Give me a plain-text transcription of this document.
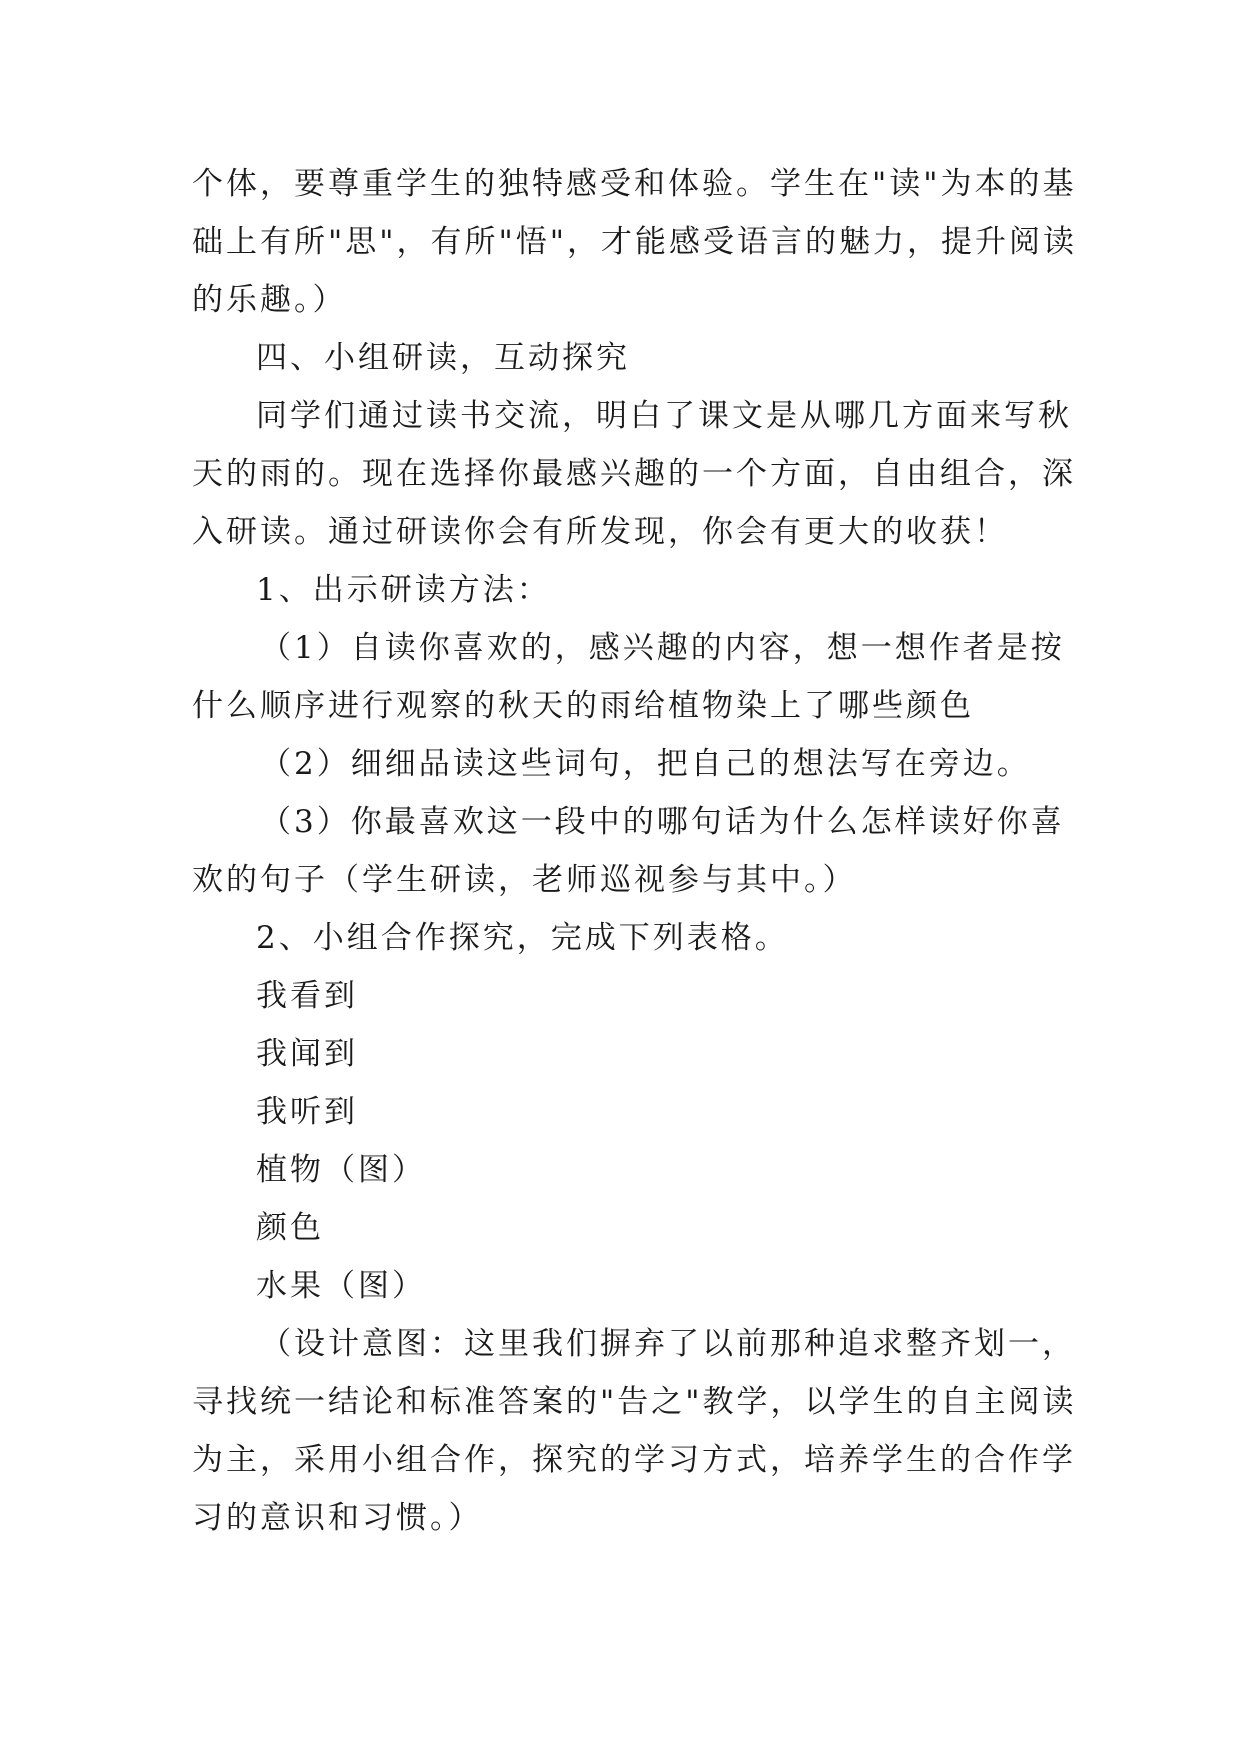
个体，要尊重学生的独特感受和体验。学生在"读"为本的基
础上有所"思"，有所"悟"，才能感受语言的魅力，提升阅读
的乐趣。）
四、小组研读，互动探究
同学们通过读书交流，明白了课文是从哪几方面来写秋
天的雨的。现在选择你最感兴趣的一个方面，自由组合，深
入研读。通过研读你会有所发现，你会有更大的收获！
1、出示研读方法：
（1）自读你喜欢的，感兴趣的内容，想一想作者是按
什么顺序进行观察的秋天的雨给植物染上了哪些颜色
（2）细细品读这些词句，把自己的想法写在旁边。
（3）你最喜欢这一段中的哪句话为什么怎样读好你喜
欢的句子（学生研读，老师巡视参与其中。）
2、小组合作探究，完成下列表格。
我看到
我闻到
我听到
植物（图）
颜色
水果（图）
（设计意图：这里我们摒弃了以前那种追求整齐划一，
寻找统一结论和标准答案的"告之"教学，以学生的自主阅读
为主，采用小组合作，探究的学习方式，培养学生的合作学
习的意识和习惯。）
